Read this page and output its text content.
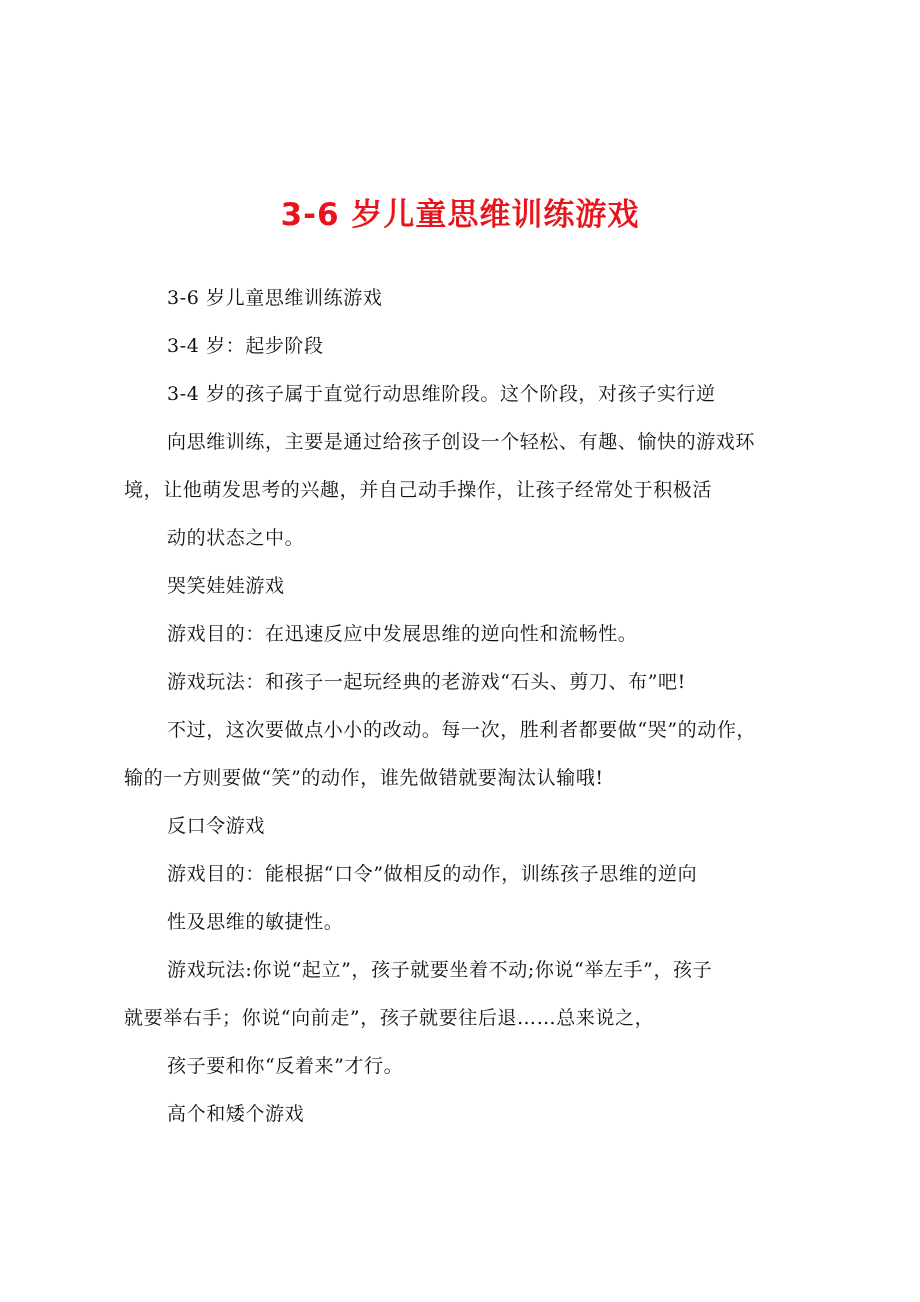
3-6 岁儿童思维训练游戏
3-6 岁儿童思维训练游戏
3-4 岁：起步阶段
3-4 岁的孩子属于直觉行动思维阶段。这个阶段，对孩子实行逆
向思维训练，主要是通过给孩子创设一个轻松、有趣、愉快的游戏环
境，让他萌发思考的兴趣，并自己动手操作，让孩子经常处于积极活
动的状态之中。
哭笑娃娃游戏
游戏目的：在迅速反应中发展思维的逆向性和流畅性。
游戏玩法：和孩子一起玩经典的老游戏“石头、剪刀、布”吧!
不过，这次要做点小小的改动。每一次，胜利者都要做“哭”的动作，
输的一方则要做“笑”的动作，谁先做错就要淘汰认输哦!
反口令游戏
游戏目的：能根据“口令”做相反的动作，训练孩子思维的逆向
性及思维的敏捷性。
游戏玩法:你说“起立”，孩子就要坐着不动;你说“举左手”，孩子
就要举右手；你说“向前走”，孩子就要往后退……总来说之，
孩子要和你“反着来”才行。
高个和矮个游戏
